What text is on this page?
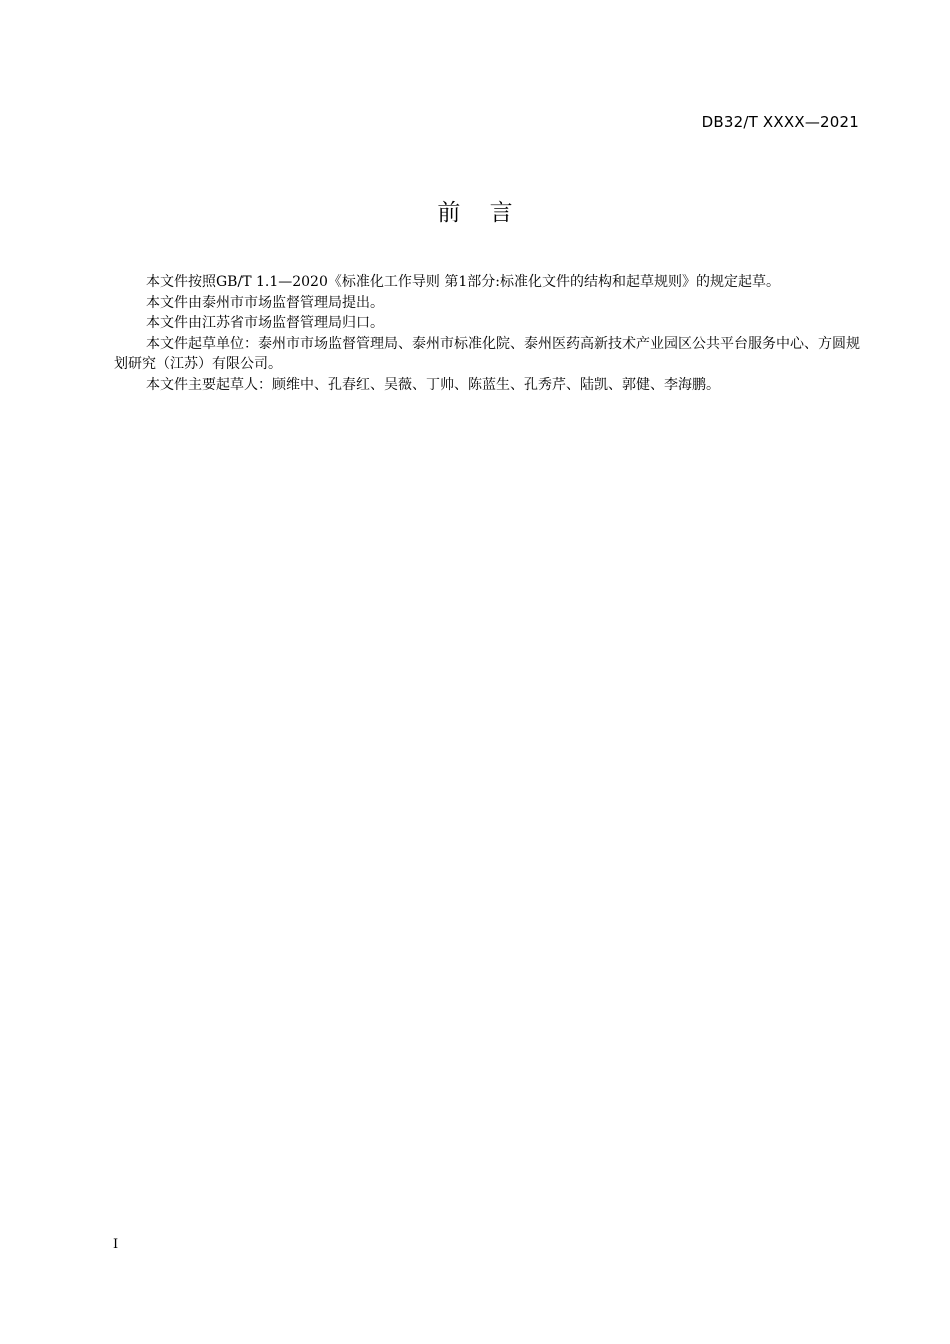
DB32/T XXXX—2021
前    言

本文件按照GB/T 1.1—2020《标准化工作导则 第1部分:标准化文件的结构和起草规则》的规定起草。

本文件由泰州市市场监督管理局提出。

本文件由江苏省市场监督管理局归口。

本文件起草单位：泰州市市场监督管理局、泰州市标准化院、泰州医药高新技术产业园区公共平台服务中心、方圆规划研究（江苏）有限公司。

本文件主要起草人：顾维中、孔春红、吴薇、丁帅、陈蓝生、孔秀芹、陆凯、郭健、李海鹏。

I
